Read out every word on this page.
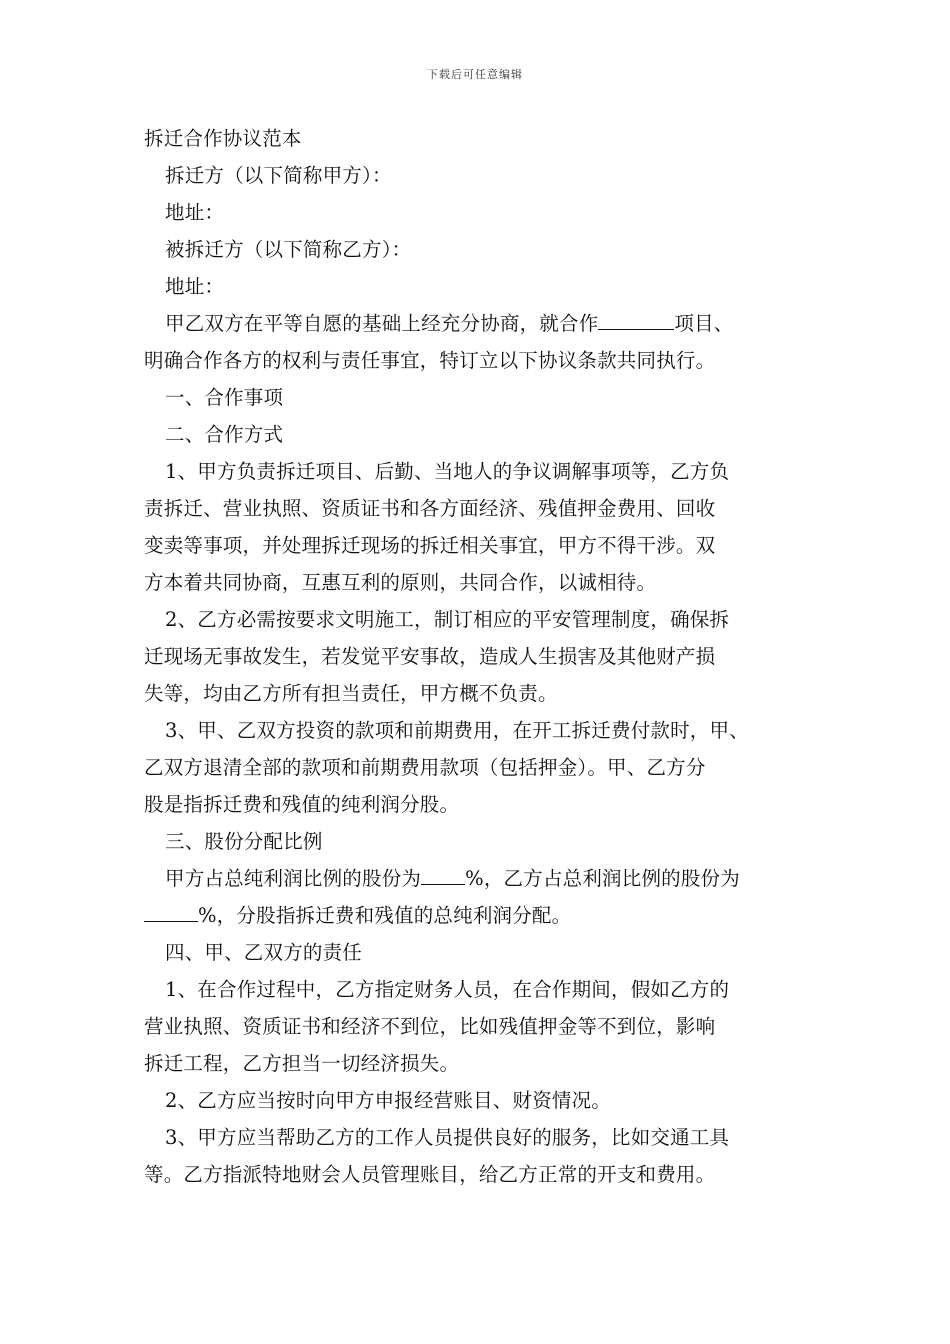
下载后可任意编辑
拆迁合作协议范本
拆迁方（以下简称甲方）：
地址：
被拆迁方（以下简称乙方）：
地址：
甲乙双方在平等自愿的基础上经充分协商，就合作	项目、
明确合作各方的权利与责任事宜，特订立以下协议条款共同执行。
一、合作事项
二、合作方式
1、甲方负责拆迁项目、后勤、当地人的争议调解事项等，乙方负
责拆迁、营业执照、资质证书和各方面经济、残值押金费用、回收
变卖等事项，并处理拆迁现场的拆迁相关事宜，甲方不得干涉。双
方本着共同协商，互惠互利的原则，共同合作，以诚相待。
2、乙方必需按要求文明施工，制订相应的平安管理制度，确保拆
迁现场无事故发生，若发觉平安事故，造成人生损害及其他财产损
失等，均由乙方所有担当责任，甲方概不负责。
3、甲、乙双方投资的款项和前期费用，在开工拆迁费付款时，甲、
乙双方退清全部的款项和前期费用款项（包括押金）。甲、乙方分
股是指拆迁费和残值的纯利润分股。
三、股份分配比例
甲方占总纯利润比例的股份为 %，乙方占总利润比例的股份为
%，分股指拆迁费和残值的总纯利润分配。
四、甲、乙双方的责任
1、在合作过程中，乙方指定财务人员，在合作期间，假如乙方的
营业执照、资质证书和经济不到位，比如残值押金等不到位，影响
拆迁工程，乙方担当一切经济损失。
2、乙方应当按时向甲方申报经营账目、财资情况。
3、甲方应当帮助乙方的工作人员提供良好的服务，比如交通工具
等。乙方指派特地财会人员管理账目，给乙方正常的开支和费用。
